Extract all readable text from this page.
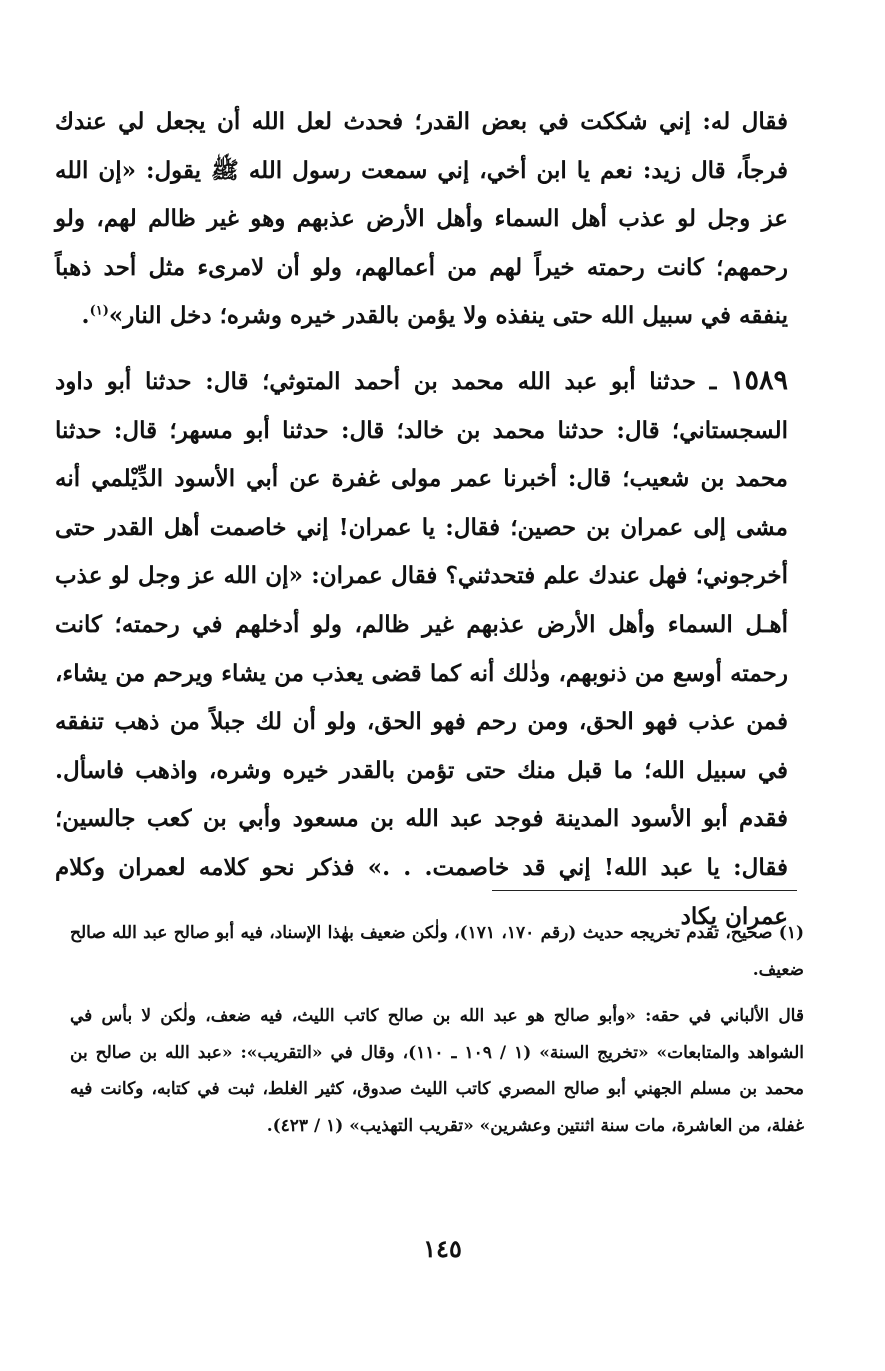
فقال له: إني شككت في بعض القدر؛ فحدث لعل الله أن يجعل لي عندك فرجاً، قال زيد: نعم يا ابن أخي، إني سمعت رسول الله ﷺ يقول: «إن الله عز وجل لو عذب أهل السماء وأهل الأرض عذبهم وهو غير ظالم لهم، ولو رحمهم؛ كانت رحمته خيراً لهم من أعمالهم، ولو أن لامرىء مثل أحد ذهباً ينفقه في سبيل الله حتى ينفذه ولا يؤمن بالقدر خيره وشره؛ دخل النار»$^{(١)}$.

١٥٨٩ ـ حدثنا أبو عبد الله محمد بن أحمد المتوثي؛ قال: حدثنا أبو داود السجستاني؛ قال: حدثنا محمد بن خالد؛ قال: حدثنا أبو مسهر؛ قال: حدثنا محمد بن شعيب؛ قال: أخبرنا عمر مولى غفرة عن أبي الأسود الدِّيْلمي أنه مشى إلى عمران بن حصين؛ فقال: يا عمران! إني خاصمت أهل القدر حتى أخرجوني؛ فهل عندك علم فتحدثني؟ فقال عمران: «إن الله عز وجل لو عذب أهـل السماء وأهل الأرض عذبهم غير ظالم، ولو أدخلهم في رحمته؛ كانت رحمته أوسع من ذنوبهم، وذٰلك أنه كما قضى يعذب من يشاء ويرحم من يشاء، فمن عذب فهو الحق، ومن رحم فهو الحق، ولو أن لك جبلاً من ذهب تنفقه في سبيل الله؛ ما قبل منك حتى تؤمن بالقدر خيره وشره، واذهب فاسأل. فقدم أبو الأسود المدينة فوجد عبد الله بن مسعود وأبي بن كعب جالسين؛ فقال: يا عبد الله! إني قد خاصمت. . .» فذكر نحو كلامه لعمران وكلام عمران يكاد

(١) صحيح، تقدم تخريجه حديث (رقم ١٧٠، ١٧١)، ولٰكن ضعيف بهٰذا الإسناد، فيه أبو صالح عبد الله صالح ضعيف.

قال الألباني في حقه: «وأبو صالح هو عبد الله بن صالح كاتب الليث، فيه ضعف، ولٰكن لا بأس في الشواهد والمتابعات» «تخريج السنة» (١ / ١٠٩ ـ ١١٠)، وقال في «التقريب»: «عبد الله بن صالح بن محمد بن مسلم الجهني أبو صالح المصري كاتب الليث صدوق، كثير الغلط، ثبت في كتابه، وكانت فيه غفلة، من العاشرة، مات سنة اثنتين وعشرين» «تقريب التهذيب» (١ / ٤٢٣).

١٤٥
